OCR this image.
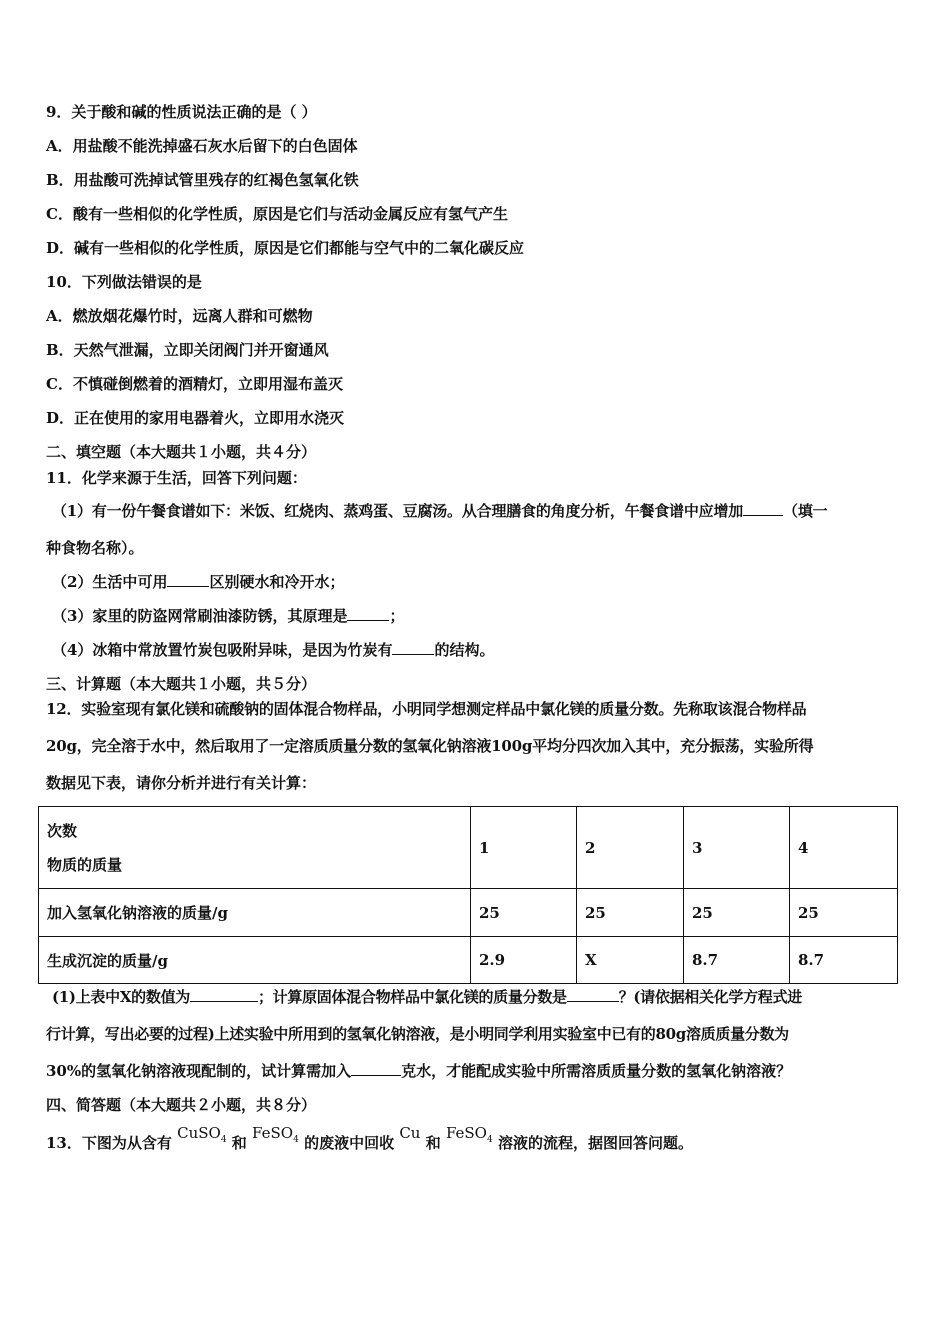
9．关于酸和碱的性质说法正确的是（ ）
A．用盐酸不能洗掉盛石灰水后留下的白色固体
B．用盐酸可洗掉试管里残存的红褐色氢氧化铁
C．酸有一些相似的化学性质，原因是它们与活动金属反应有氢气产生
D．碱有一些相似的化学性质，原因是它们都能与空气中的二氧化碳反应
10．下列做法错误的是
A．燃放烟花爆竹时，远离人群和可燃物
B．天然气泄漏，立即关闭阀门并开窗通风
C．不慎碰倒燃着的酒精灯，立即用湿布盖灭
D．正在使用的家用电器着火，立即用水浇灭
二、填空题（本大题共１小题，共４分）
11．化学来源于生活，回答下列问题：
（1）有一份午餐食谱如下：米饭、红烧肉、蒸鸡蛋、豆腐汤。从合理膳食的角度分析，午餐食谱中应增加	（填一
种食物名称）。
（2）生活中可用	区别硬水和冷开水；
（3）家里的防盗网常刷油漆防锈，其原理是	；
（4）冰箱中常放置竹炭包吸附异味，是因为竹炭有	的结构。
三、计算题（本大题共１小题，共５分）
12．实验室现有氯化镁和硫酸钠的固体混合物样品，小明同学想测定样品中氯化镁的质量分数。先称取该混合物样品
20g，完全溶于水中，然后取用了一定溶质质量分数的氢氧化钠溶液100g平均分四次加入其中，充分振荡，实验所得
数据见下表，请你分析并进行有关计算：
次数
物质的质量	1	2	3	4
加入氢氧化钠溶液的质量/g	25	25	25	25
生成沉淀的质量/g	2.9	X	8.7	8.7
(1)上表中X的数值为	；计算原固体混合物样品中氯化镁的质量分数是	？(请依据相关化学方程式进
行计算，写出必要的过程)上述实验中所用到的氢氧化钠溶液，是小明同学利用实验室中已有的80g溶质质量分数为
30%的氢氧化钠溶液现配制的，试计算需加入	克水，才能配成实验中所需溶质质量分数的氢氧化钠溶液？
四、简答题（本大题共２小题，共８分）
13．下图为从含有 CuSO$_4$ 和 FeSO$_4$ 的废液中回收 Cu 和 FeSO$_4$ 溶液的流程，据图回答问题。
